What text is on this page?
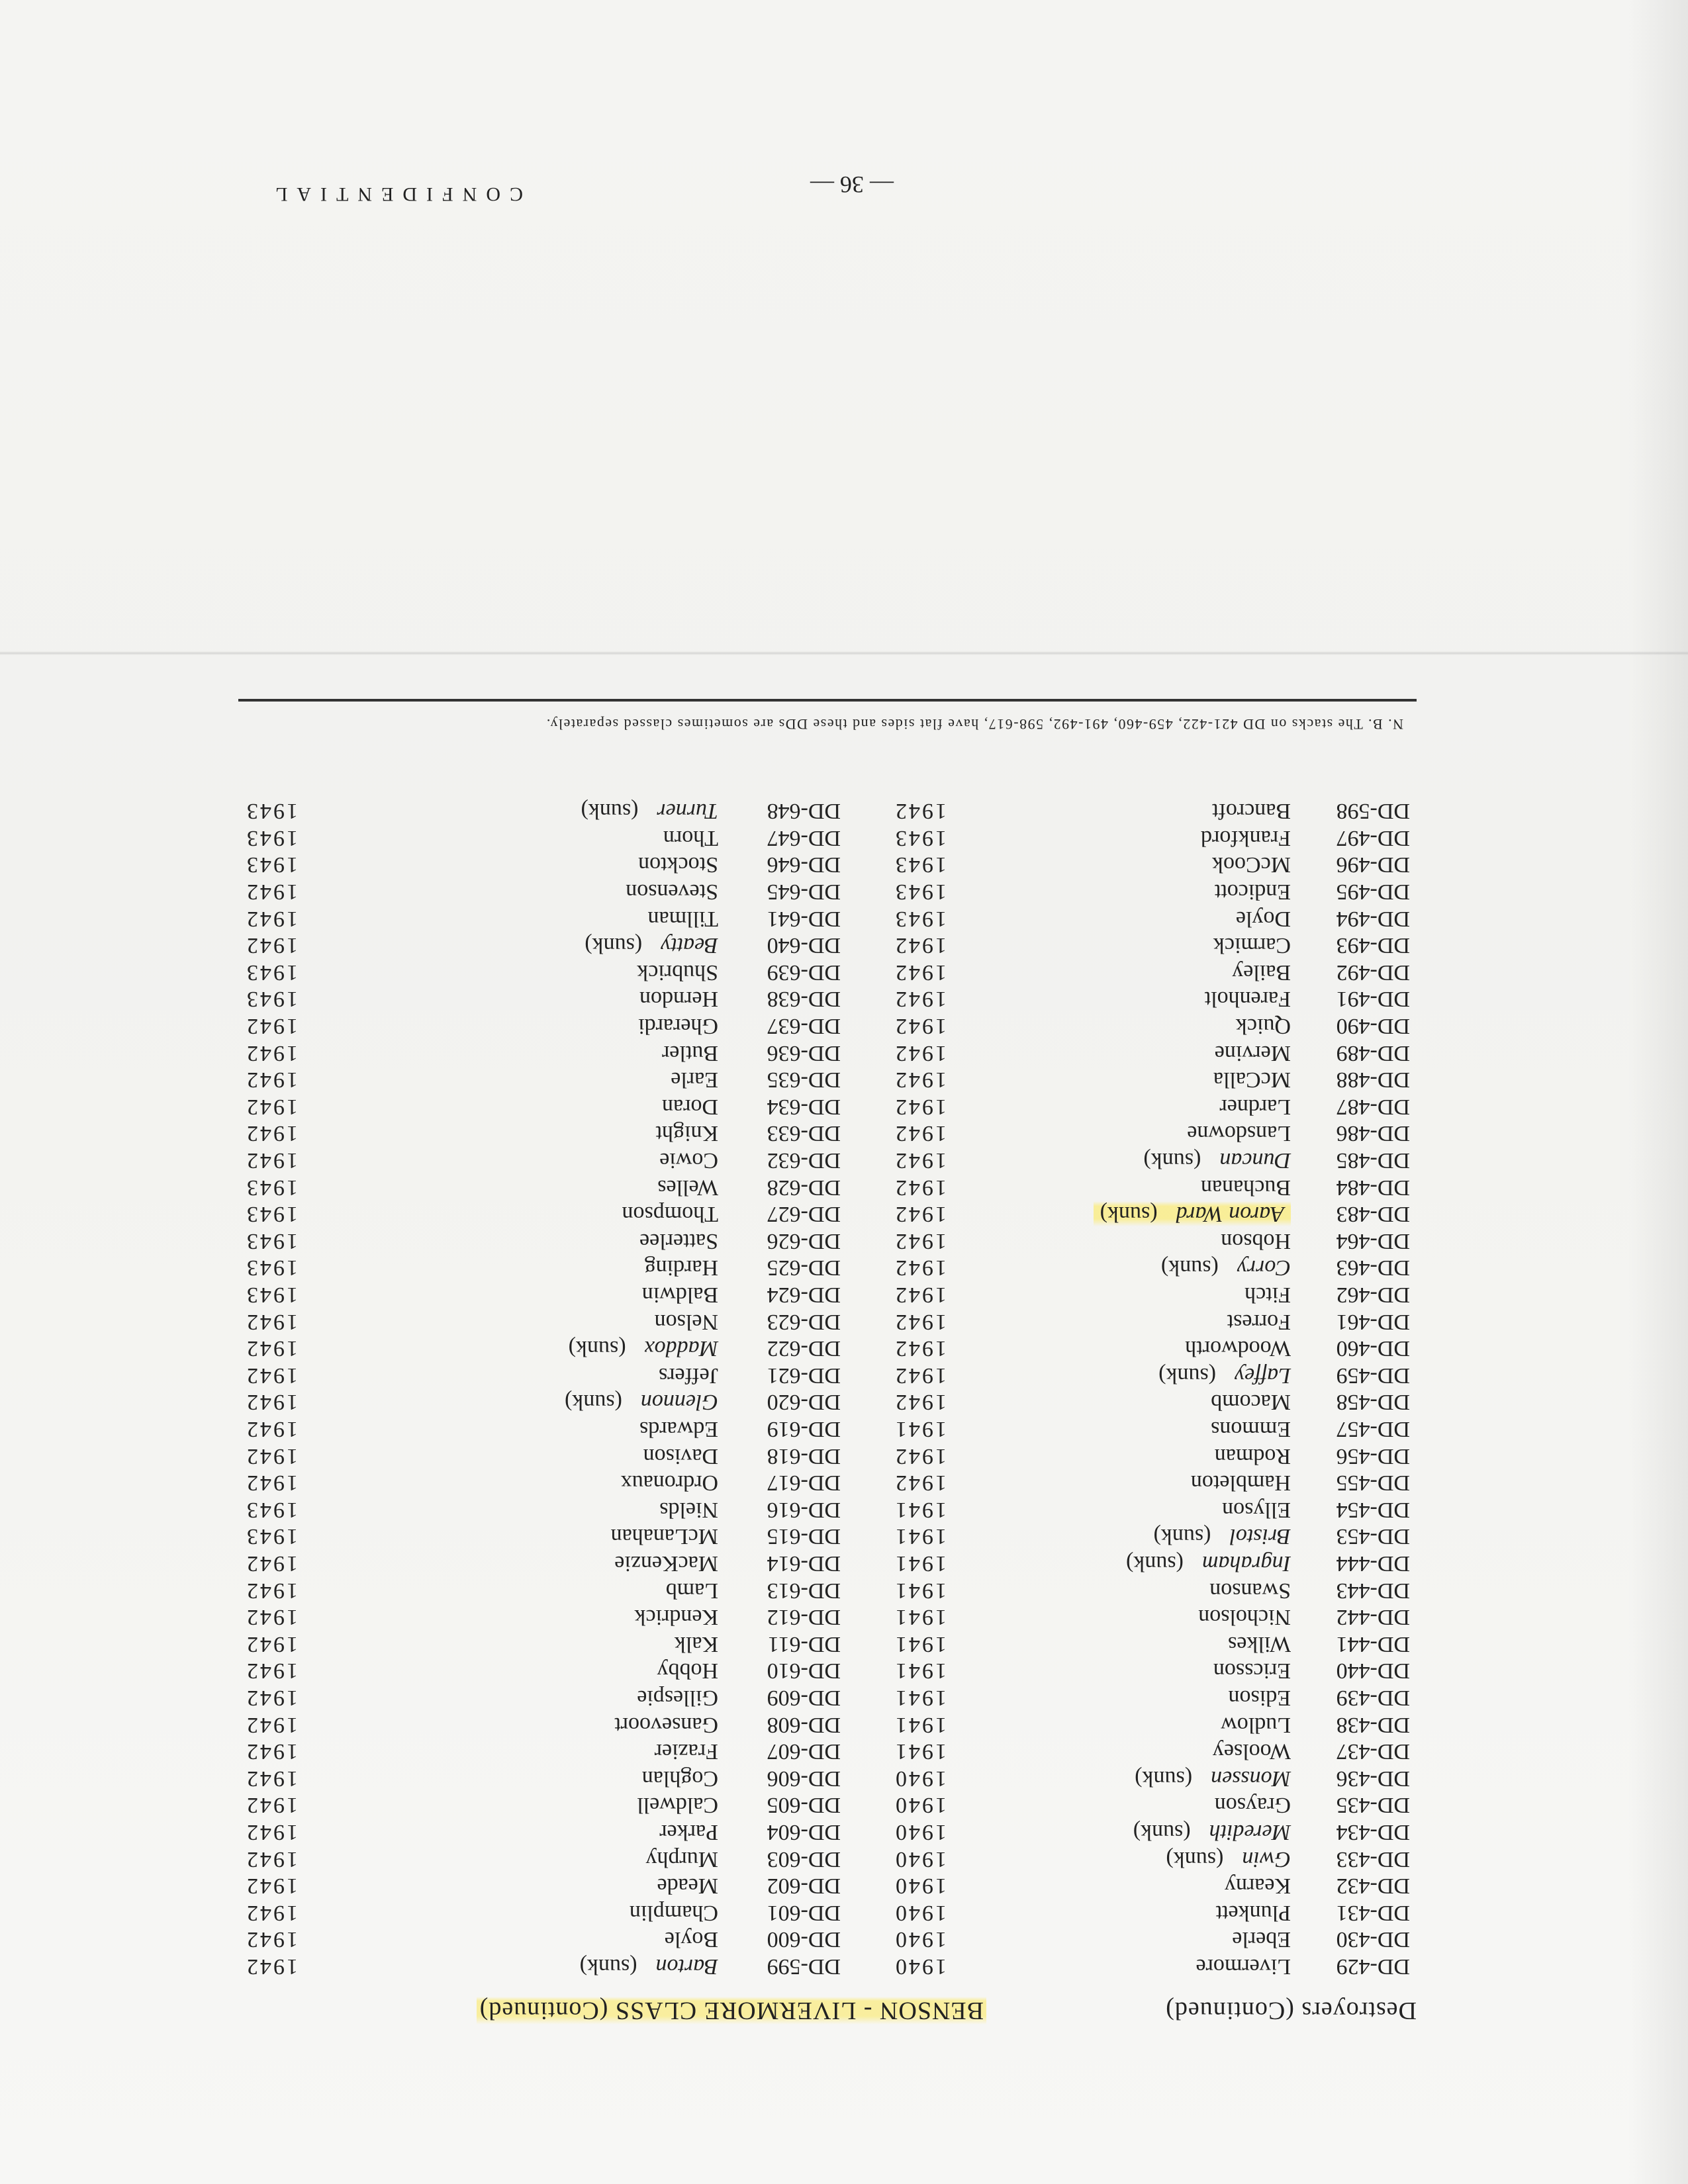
Destroyers (Continued)
BENSON - LIVERMORE CLASS (Continued)
DD-429
Livermore
1940
DD-599
Barton(sunk)
1942
DD-430
Eberle
1940
DD-600
Boyle
1942
DD-431
Plunkett
1940
DD-601
Champlin
1942
DD-432
Kearny
1940
DD-602
Meade
1942
DD-433
Gwin(sunk)
1940
DD-603
Murphy
1942
DD-434
Meredith(sunk)
1940
DD-604
Parker
1942
DD-435
Grayson
1940
DD-605
Caldwell
1942
DD-436
Monssen(sunk)
1940
DD-606
Coghlan
1942
DD-437
Woolsey
1941
DD-607
Frazier
1942
DD-438
Ludlow
1941
DD-608
Gansevoort
1942
DD-439
Edison
1941
DD-609
Gillespie
1942
DD-440
Ericsson
1941
DD-610
Hobby
1942
DD-441
Wilkes
1941
DD-611
Kalk
1942
DD-442
Nicholson
1941
DD-612
Kendrick
1942
DD-443
Swanson
1941
DD-613
Lamb
1942
DD-444
Ingraham(sunk)
1941
DD-614
MacKenzie
1942
DD-453
Bristol(sunk)
1941
DD-615
McLanahan
1943
DD-454
Ellyson
1941
DD-616
Nields
1943
DD-455
Hambleton
1942
DD-617
Ordronaux
1942
DD-456
Rodman
1942
DD-618
Davison
1942
DD-457
Emmons
1941
DD-619
Edwards
1942
DD-458
Macomb
1942
DD-620
Glennon(sunk)
1942
DD-459
Laffey(sunk)
1942
DD-621
Jeffers
1942
DD-460
Woodworth
1942
DD-622
Maddox(sunk)
1942
DD-461
Forrest
1942
DD-623
Nelson
1942
DD-462
Fitch
1942
DD-624
Baldwin
1943
DD-463
Corry(sunk)
1942
DD-625
Harding
1943
DD-464
Hobson
1942
DD-626
Satterlee
1943
DD-483
Aaron Ward(sunk)
1942
DD-627
Thompson
1943
DD-484
Buchanan
1942
DD-628
Welles
1943
DD-485
Duncan(sunk)
1942
DD-632
Cowie
1942
DD-486
Lansdowne
1942
DD-633
Knight
1942
DD-487
Lardner
1942
DD-634
Doran
1942
DD-488
McCalla
1942
DD-635
Earle
1942
DD-489
Mervine
1942
DD-636
Butler
1942
DD-490
Quick
1942
DD-637
Gherardi
1942
DD-491
Farenholt
1942
DD-638
Herndon
1943
DD-492
Bailey
1942
DD-639
Shubrick
1943
DD-493
Carmick
1942
DD-640
Beatty(sunk)
1942
DD-494
Doyle
1943
DD-641
Tillman
1942
DD-495
Endicott
1943
DD-645
Stevenson
1942
DD-496
McCook
1943
DD-646
Stockton
1943
DD-497
Frankford
1943
DD-647
Thorn
1943
DD-598
Bancroft
1942
DD-648
Turner(sunk)
1943
N. B. The stacks on DD 421-422, 459-460, 491-492, 598-617, have flat sides and these DDs are sometimes classed separately.
— 36 —
CONFIDENTIAL
